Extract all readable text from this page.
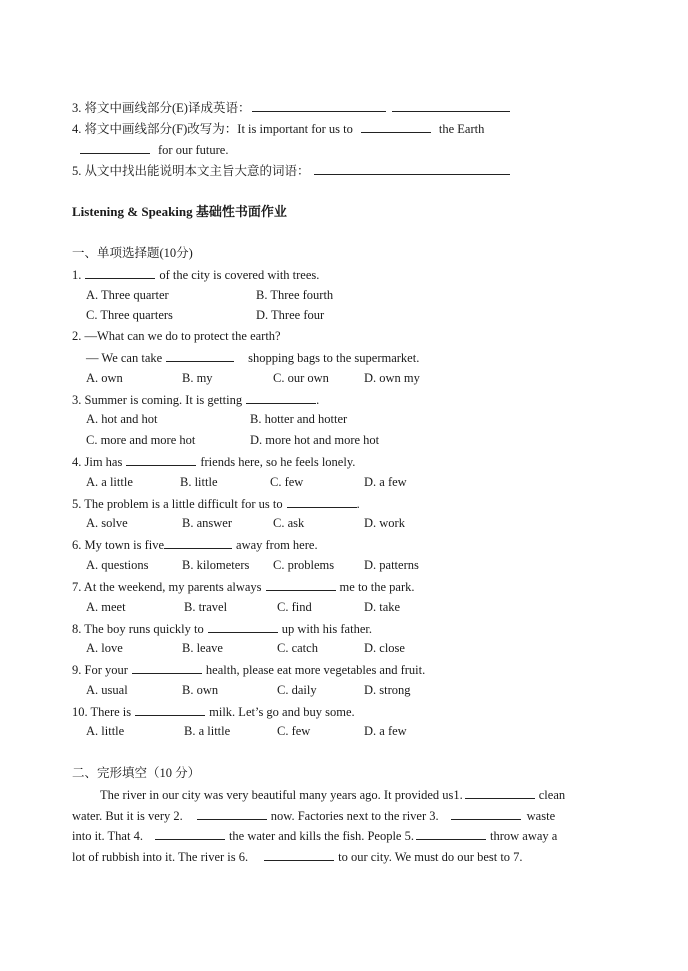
3. 将文中画线部分(E)译成英语：
4. 将文中画线部分(F)改写为：It is important for us to	the Earth
for our future.
5. 从文中找出能说明本文主旨大意的词语：
Listening & Speaking 基础性书面作业
一、单项选择题(10分)
1.	of the city is covered with trees.
A. Three quarter	B. Three fourth
C. Three quarters	D. Three four
2. —What can we do to protect the earth?
— We can take	shopping bags to the supermarket.
A. own	B. my	C. our own	D. own my
3. Summer is coming. It is getting	.
A. hot and hot	B. hotter and hotter
C. more and more hot	D. more hot and more hot
4. Jim has	friends here, so he feels lonely.
A. a little	B. little	C. few	D. a few
5. The problem is a little difficult for us to	.
A. solve	B. answer	C. ask	D. work
6. My town is five	away from here.
A. questions	B. kilometers C. problems D. patterns
7. At the weekend, my parents always	me to the park.
A. meet	B. travel	C. find	D. take
8. The boy runs quickly to	up with his father.
A. love	B. leave	C. catch	D. close
9. For your	health, please eat more vegetables and fruit.
A. usual	B. own	C. daily	D. strong
10. There is	milk. Let’s go and buy some.
A. little	B. a little	C. few	D. a few
二、完形填空（10 分）
The river in our city was very beautiful many years ago. It provided us1.	clean
water. But it is very 2.	now. Factories next to the river 3.	waste
into it. That 4.	the water and kills the fish. People 5.	throw away a
lot of rubbish into it. The river is 6.	to our city. We must do our best to 7.
